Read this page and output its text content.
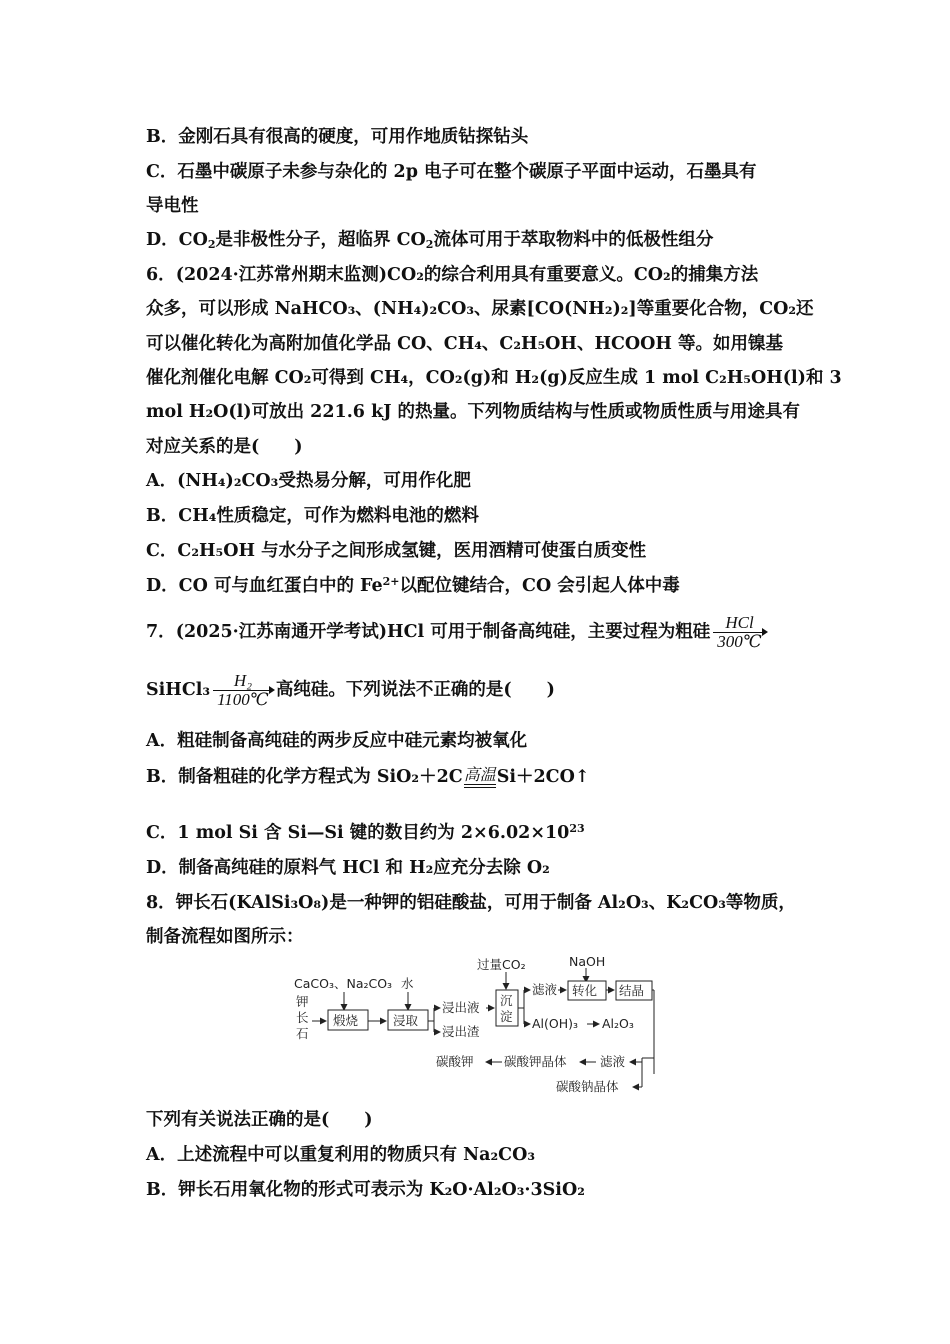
B．金刚石具有很高的硬度，可用作地质钻探钻头
C．石墨中碳原子未参与杂化的 2p 电子可在整个碳原子平面中运动，石墨具有
导电性
D．$CO_2$是非极性分子，超临界 $CO_2$流体可用于萃取物料中的低极性组分
6．(2024·江苏常州期末监测)CO₂的综合利用具有重要意义。CO₂的捕集方法
众多，可以形成 NaHCO₃、(NH₄)₂CO₃、尿素[CO(NH₂)₂]等重要化合物，CO₂还
可以催化转化为高附加值化学品 CO、CH₄、C₂H₅OH、HCOOH 等。如用镍基
催化剂催化电解 CO₂可得到 CH₄，CO₂(g)和 H₂(g)反应生成 1 mol C₂H₅OH(l)和 3
mol H₂O(l)可放出 221.6 kJ 的热量。下列物质结构与性质或物质性质与用途具有
对应关系的是(　　)
A．(NH₄)₂CO₃受热易分解，可用作化肥
B．CH₄性质稳定，可作为燃料电池的燃料
C．C₂H₅OH 与水分子之间形成氢键，医用酒精可使蛋白质变性
D．CO 可与血红蛋白中的 $Fe^{2+}$以配位键结合，CO 会引起人体中毒
7．(2025·江苏南通开学考试)HCl 可用于制备高纯硅，主要过程为粗硅 $\frac{\text{HCl}}{300℃}$
SiHCl₃ $\frac{\text{H₂}}{1100℃}$ 高纯硅。下列说法不正确的是(　　)
A．粗硅制备高纯硅的两步反应中硅元素均被氧化
B．制备粗硅的化学方程式为 SiO₂＋2C 高温 Si＋2CO↑
C．1 mol Si 含 Si—Si 键的数目约为 $2\times 6.02\times 10^{23}$
D．制备高纯硅的原料气 HCl 和 H₂应充分去除 O₂
8．钾长石(KAlSi₃O₈)是一种钾的铝硅酸盐，可用于制备 Al₂O₃、K₂CO₃等物质，
制备流程如图所示：
CaCO₃、Na₂CO₃ 水
钾
长
石
煅烧	浸取
浸出液
浸出渣
过量CO₂
沉
淀
滤液
NaOH
转化 结晶
Al(OH)₃ Al₂O₃
碳酸钾 碳酸钾晶体	滤液
碳酸钠晶体
下列有关说法正确的是(　　)
A．上述流程中可以重复利用的物质只有 Na₂CO₃
B．钾长石用氧化物的形式可表示为 K₂O·Al₂O₃·3SiO₂
